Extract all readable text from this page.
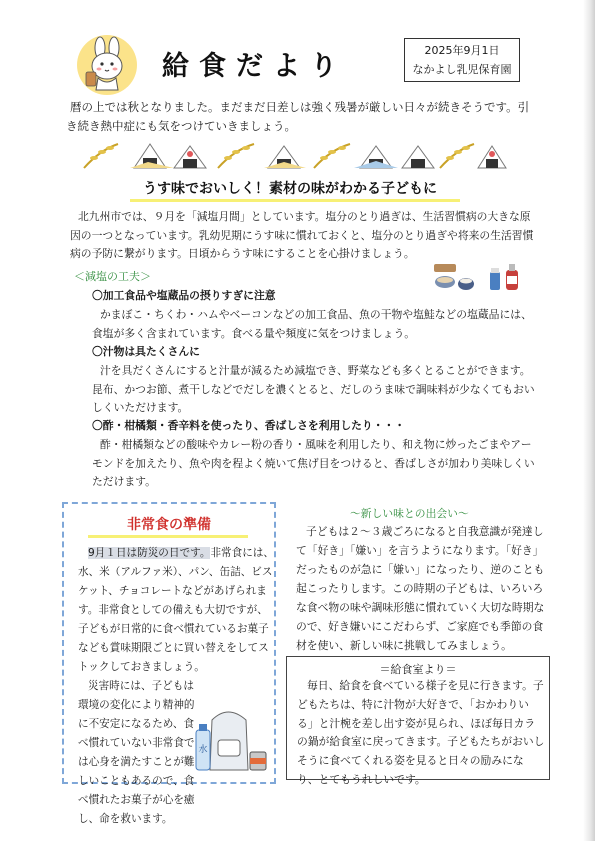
給食だより
2025年9月1日
なかよし乳児保育園
暦の上では秋となりました。まだまだ日差しは強く残暑が厳しい日々が続きそうです。引き続き熱中症にも気をつけていきましょう。
うす味でおいしく！素材の味がわかる子どもに
北九州市では、９月を「減塩月間」としています。塩分のとり過ぎは、生活習慣病の大きな原因の一つとなっています。乳幼児期にうす味に慣れておくと、塩分のとり過ぎや将来の生活習慣病の予防に繋がります。日頃からうす味にすることを心掛けましょう。
＜減塩の工夫＞
〇加工食品や塩蔵品の摂りすぎに注意
かまぼこ・ちくわ・ハムやベーコンなどの加工食品、魚の干物や塩鮭などの塩蔵品には、食塩が多く含まれています。食べる量や頻度に気をつけましょう。
〇汁物は具たくさんに
汁を具だくさんにすると汁量が減るため減塩でき、野菜なども多くとることができます。昆布、かつお節、煮干しなどでだしを濃くとると、だしのうま味で調味料が少なくてもおいしくいただけます。
〇酢・柑橘類・香辛料を使ったり、香ばしさを利用したり・・・
酢・柑橘類などの酸味やカレー粉の香り・風味を利用したり、和え物に炒ったごまやアーモンドを加えたり、魚や肉を程よく焼いて焦げ目をつけると、香ばしさが加わり美味しくいただけます。
非常食の準備

9月１日は防災の日です。非常食には、水、米（アルファ米）、パン、缶詰、ビスケット、チョコレートなどがあげられます。非常食としての備えも大切ですが、子どもが日常的に食べ慣れているお菓子なども賞味期限ごとに買い替えをしてストックしておきましょう。

災害時には、子どもは環境の変化により精神的に不安定になるため、食べ慣れていない非常食では心身を満たすことが難しいこともあるので、食べ慣れたお菓子が心を癒し、命を救います。

水
～新しい味との出会い～
子どもは２～３歳ごろになると自我意識が発達して「好き」「嫌い」を言うようになります。「好き」だったものが急に「嫌い」になったり、逆のことも起こったりします。この時期の子どもは、いろいろな食べ物の味や調味形態に慣れていく大切な時期なので、好き嫌いにこだわらず、ご家庭でも季節の食材を使い、新しい味に挑戦してみましょう。
＝給食室より＝
毎日、給食を食べている様子を見に行きます。子どもたちは、特に汁物が大好きで、「おかわりいる」と汁椀を差し出す姿が見られ、ほぼ毎日カラの鍋が給食室に戻ってきます。子どもたちがおいしそうに食べてくれる姿を見ると日々の励みになり、とてもうれしいです。
